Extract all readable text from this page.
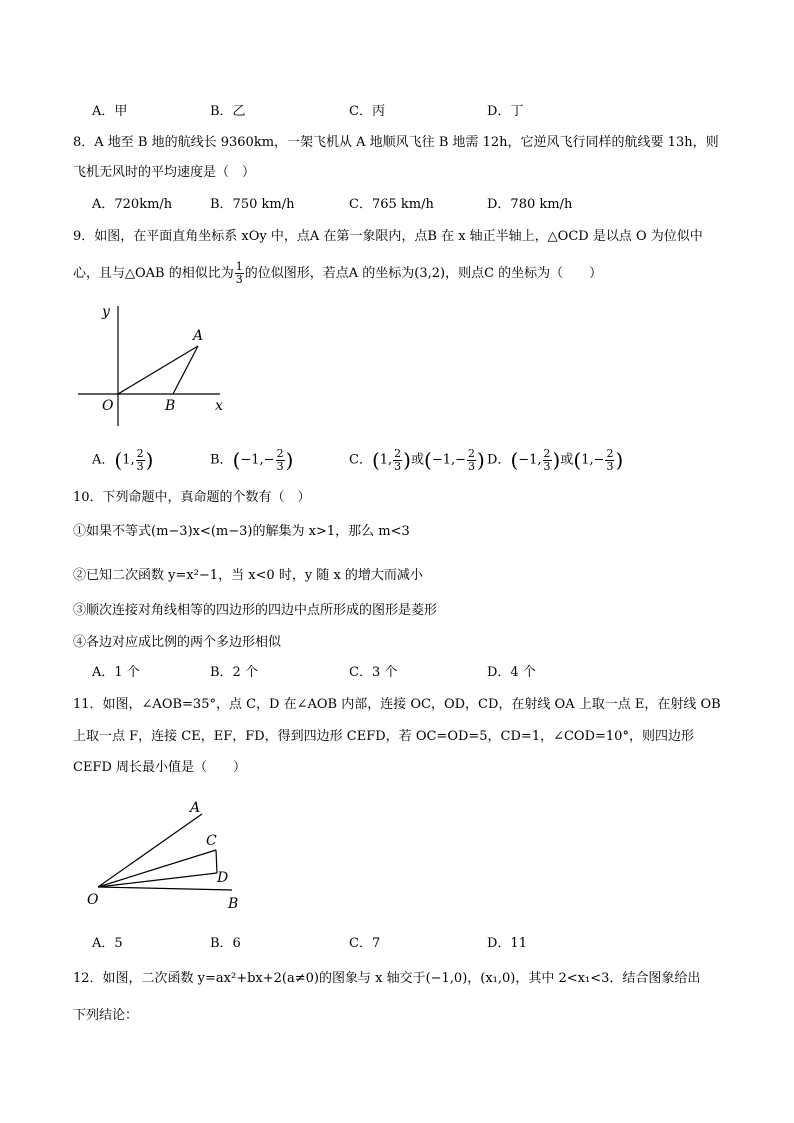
A．甲	B．乙	C．丙	D．丁
8．A 地至 B 地的航线长 9360km，一架飞机从 A 地顺风飞往 B 地需 12h，它逆风飞行同样的航线要 13h，则
飞机无风时的平均速度是（　）
A．720km/h	B．750 km/h	C．765 km/h	D．780 km/h
9．如图，在平面直角坐标系 xOy 中，点A 在第一象限内，点B 在 x 轴正半轴上，△OCD 是以点 O 为位似中
心，且与△OAB 的相似比为 $\frac{1}{3}$ 的位似图形，若点A 的坐标为(3,2)，则点C 的坐标为（　　）
y
A
O	B	x
A．(1, $\frac{2}{3}$ )	B．($-1,- \frac{2}{3}$ )	C．(1, $\frac{2}{3}$ )或($-1,- \frac{2}{3}$ ) D．(−1, $\frac{2}{3}$ )或($1,- \frac{2}{3}$ )
10．下列命题中，真命题的个数有（　）
①如果不等式(m−3)x<(m−3)的解集为 x>1，那么 m<3
②已知二次函数 y=x²−1，当 x<0 时，y 随 x 的增大而减小
③顺次连接对角线相等的四边形的四边中点所形成的图形是菱形
④各边对应成比例的两个多边形相似
A．1 个	B．2 个	C．3 个	D．4 个
11．如图，∠AOB=35°，点 C，D 在∠AOB 内部，连接 OC，OD，CD，在射线 OA 上取一点 E，在射线 OB
上取一点 F，连接 CE，EF，FD，得到四边形 CEFD，若 OC=OD=5，CD=1，∠COD=10°，则四边形
CEFD 周长最小值是（　　）
A
C
D
O	B
A．5	B．6	C．7	D．11
12．如图，二次函数 y=ax²+bx+2(a≠0)的图象与 x 轴交于(−1,0)，(x₁,0)，其中 2<x₁<3．结合图象给出
下列结论：
